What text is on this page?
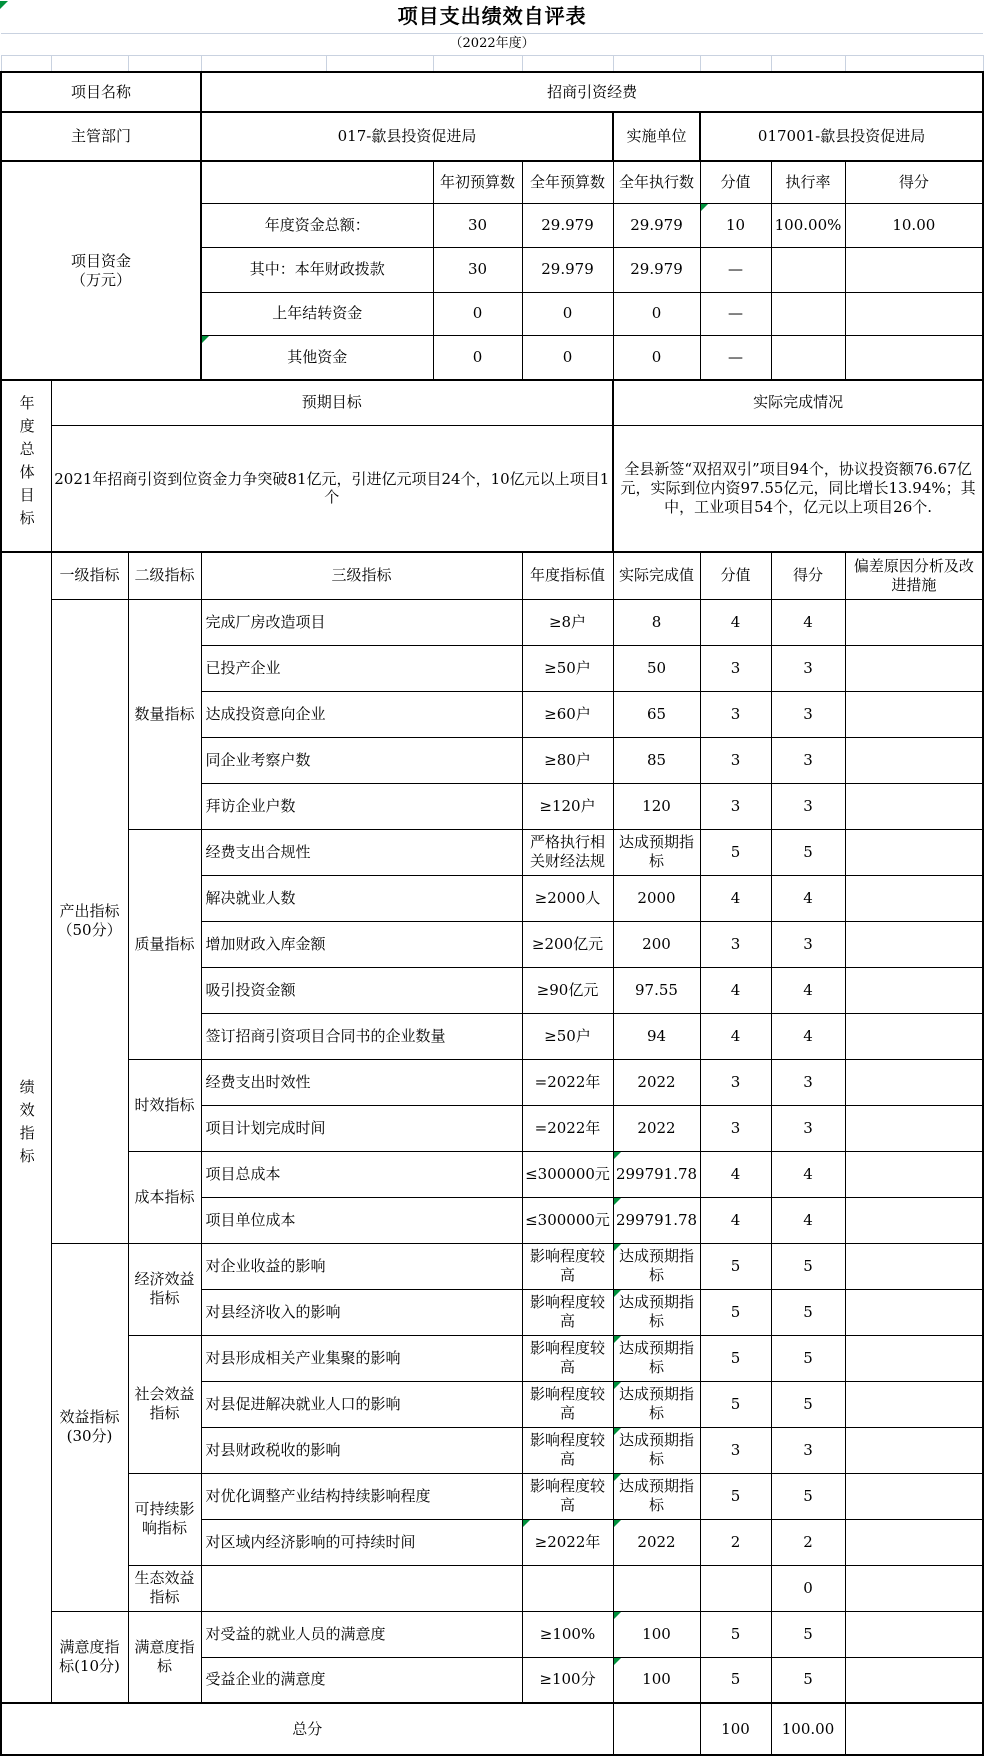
项目支出绩效自评表										
（2022年度）										

项目名称			招商引资经费							
主管部门			017-歙县投资促进局				实施单位	017001-歙县投资促进局		

项目资金
（万元）					年初预算数	全年预算数	全年执行数	分值	执行率	得分
			年度资金总额：		30	29.979	29.979	10	100.00%	10.00
			其中：本年财政拨款		30	29.979	29.979	—		
			上年结转资金		0	0	0	—		
			其他资金		0	0	0	—		
年度总体目标	预期目标						实际完成情况			
	2021年招商引资到位资金力争突破81亿元，引进亿元项目24个，10亿元以上项目1个						全县新签“双招双引”项目94个，协议投资额76.67亿元，实际到位内资97.55亿元，同比增长13.94%；其中，工业项目54个，亿元以上项目26个.			
绩效指标	一级指标	二级指标	三级指标			年度指标值	实际完成值	分值	得分	偏差原因分析及改进措施
	产出指标（50分）	数量指标	完成厂房改造项目			≥8户	8	4	4	
			已投产企业			≥50户	50	3	3	
			达成投资意向企业			≥60户	65	3	3	
			同企业考察户数			≥80户	85	3	3	
			拜访企业户数			≥120户	120	3	3	
		质量指标	经费支出合规性			严格执行相关财经法规	达成预期指标	5	5	
			解决就业人数			≥2000人	2000	4	4	
			增加财政入库金额			≥200亿元	200	3	3	
			吸引投资金额			≥90亿元	97.55	4	4	
			签订招商引资项目合同书的企业数量			≥50户	94	4	4	
		时效指标	经费支出时效性			=2022年	2022	3	3	
			项目计划完成时间			=2022年	2022	3	3	
		成本指标	项目总成本			≤300000元	299791.78	4	4	
			项目单位成本			≤300000元	299791.78	4	4	
	效益指标(30分)	经济效益指标	对企业收益的影响			影响程度较高	达成预期指标	5	5	
			对县经济收入的影响			影响程度较高	达成预期指标	5	5	
		社会效益指标	对县形成相关产业集聚的影响			影响程度较高	达成预期指标	5	5	
			对县促进解决就业人口的影响			影响程度较高	达成预期指标	5	5	
			对县财政税收的影响			影响程度较高	达成预期指标	3	3	
		可持续影响指标	对优化调整产业结构持续影响程度			影响程度较高	达成预期指标	5	5	
			对区域内经济影响的可持续时间			≥2022年	2022	2	2	
		生态效益指标							0	
	满意度指标(10分)	满意度指标	对受益的就业人员的满意度			≥100%	100	5	5	
			受益企业的满意度			≥100分	100	5	5	
总分								100	100.00	
